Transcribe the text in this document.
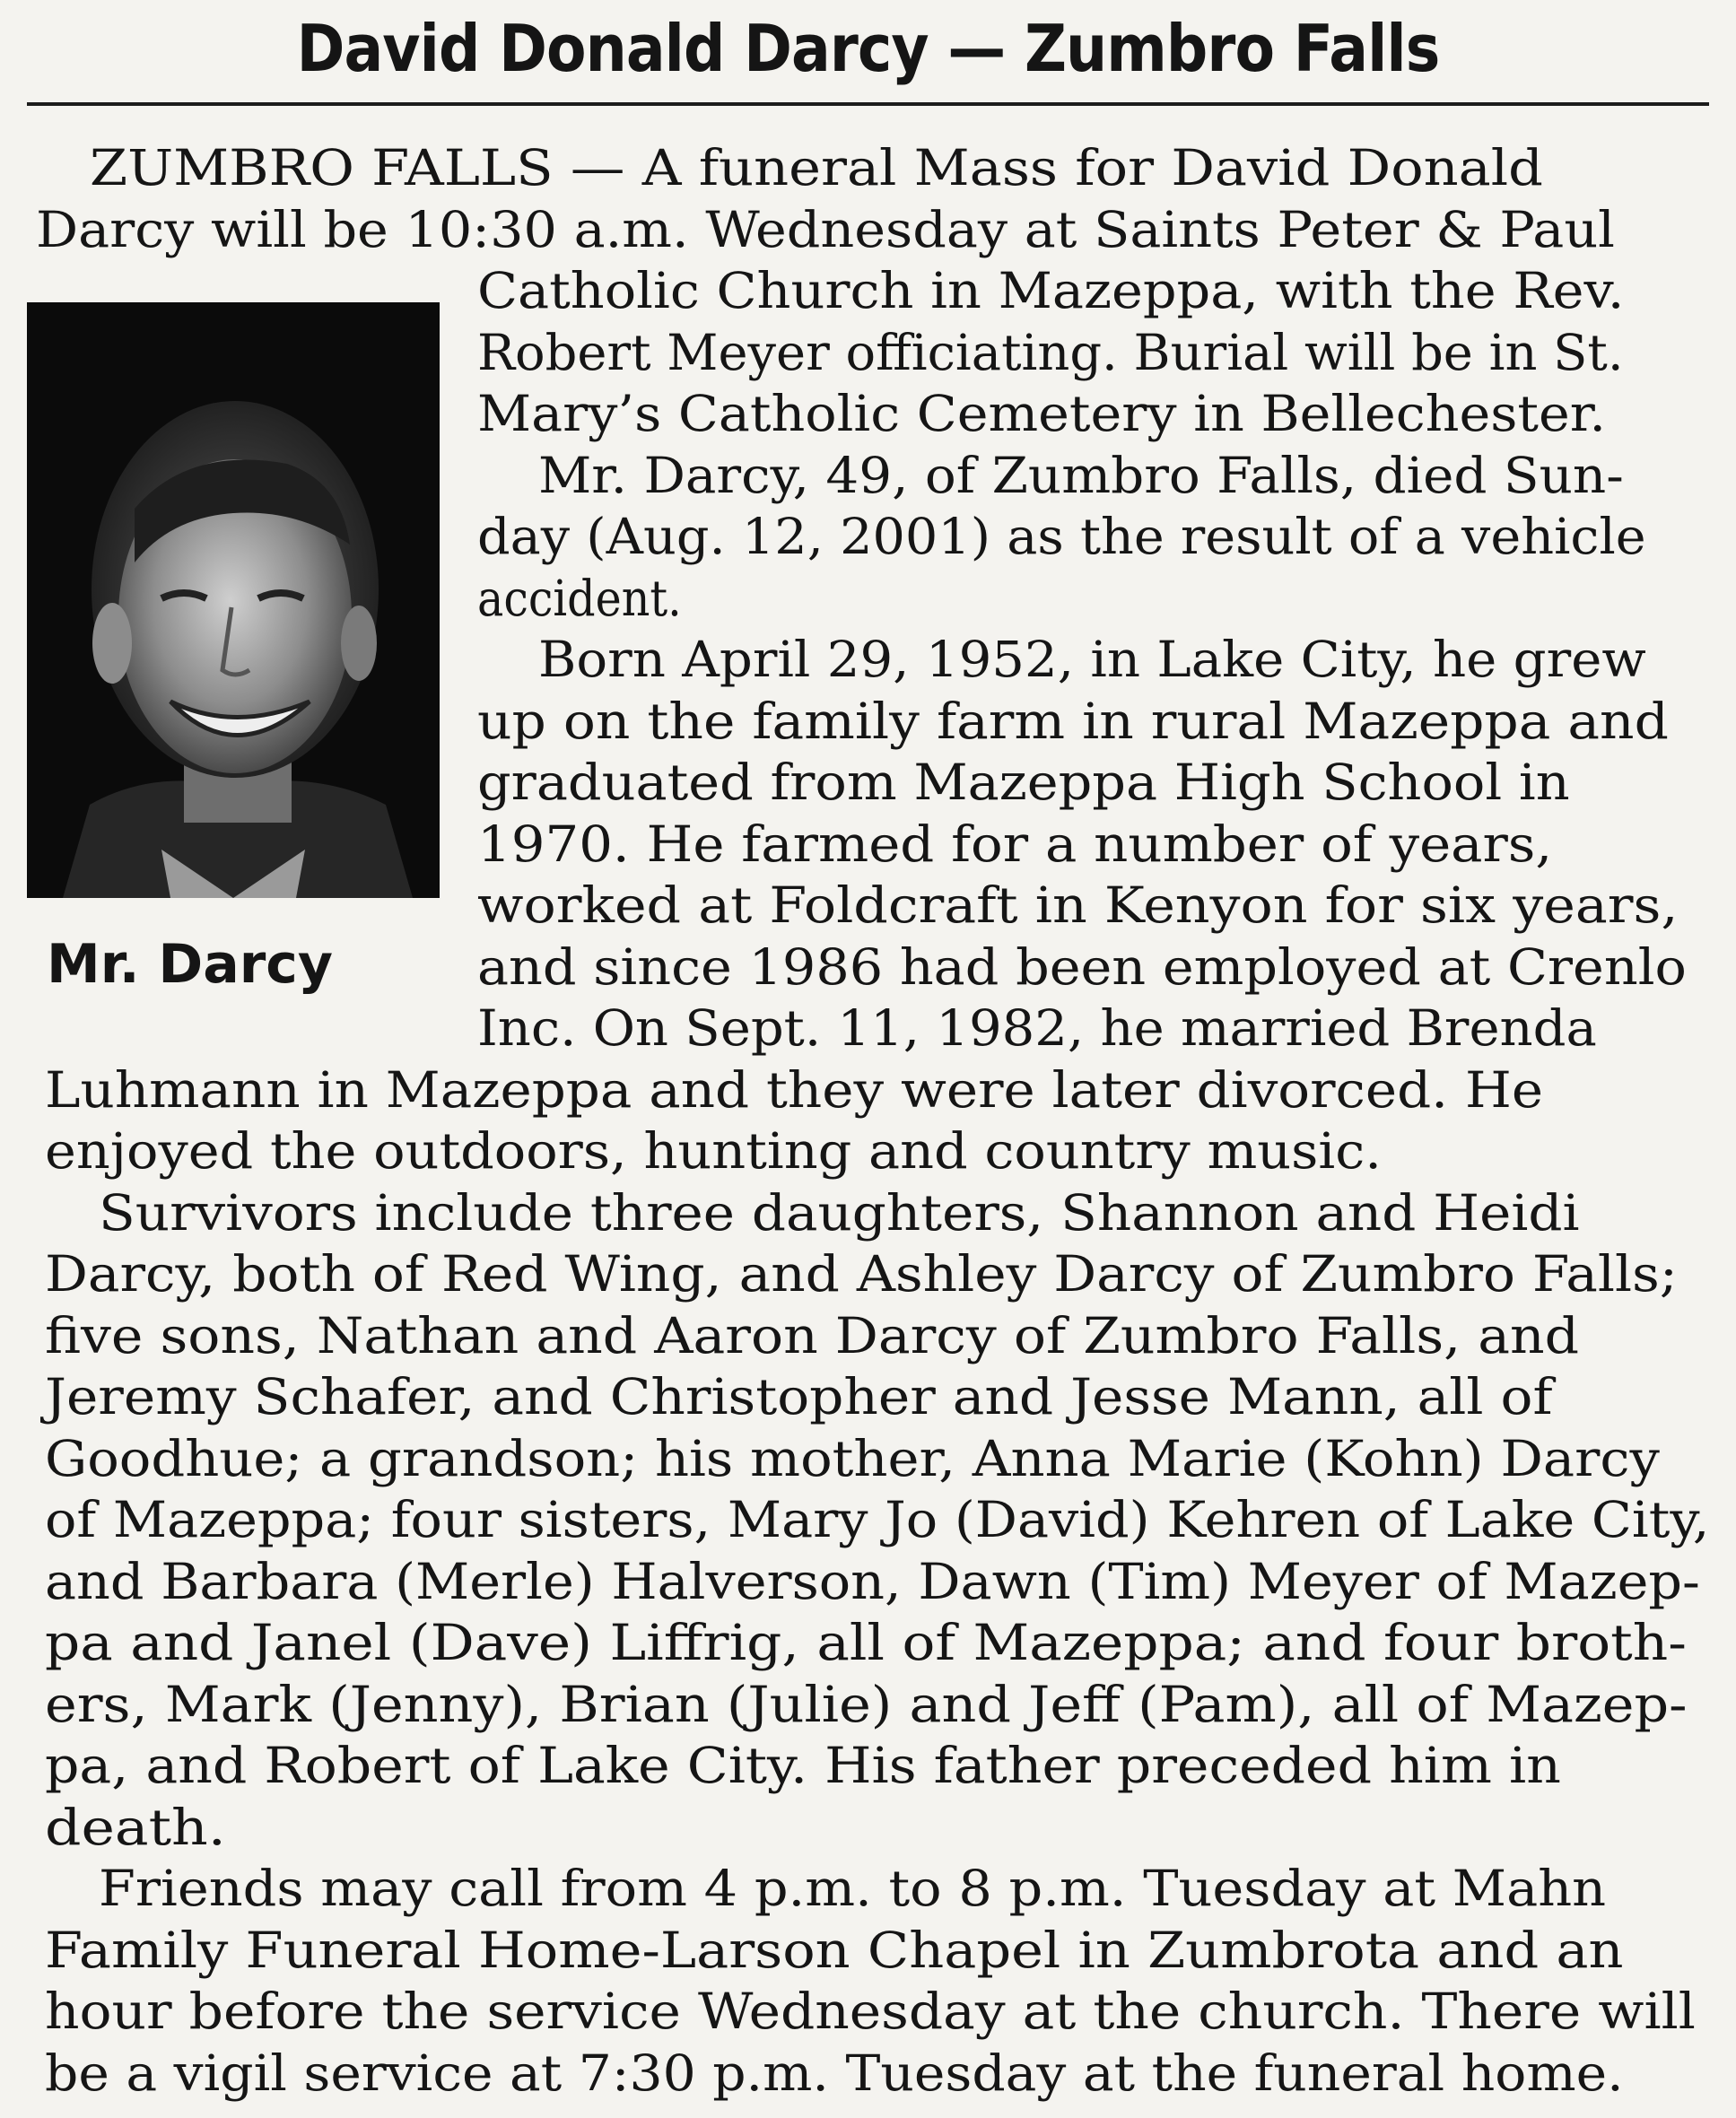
David Donald Darcy — Zumbro Falls
Mr. Darcy
ZUMBRO FALLS — A funeral Mass for David Donald
Darcy will be 10:30 a.m. Wednesday at Saints Peter & Paul
Catholic Church in Mazeppa, with the Rev.
Robert Meyer officiating. Burial will be in St.
Mary’s Catholic Cemetery in Bellechester.
Mr. Darcy, 49, of Zumbro Falls, died Sun-
day (Aug. 12, 2001) as the result of a vehicle
accident.
Born April 29, 1952, in Lake City, he grew
up on the family farm in rural Mazeppa and
graduated from Mazeppa High School in
1970. He farmed for a number of years,
worked at Foldcraft in Kenyon for six years,
and since 1986 had been employed at Crenlo
Inc. On Sept. 11, 1982, he married Brenda
Luhmann in Mazeppa and they were later divorced. He
enjoyed the outdoors, hunting and country music.
Survivors include three daughters, Shannon and Heidi
Darcy, both of Red Wing, and Ashley Darcy of Zumbro Falls;
five sons, Nathan and Aaron Darcy of Zumbro Falls, and
Jeremy Schafer, and Christopher and Jesse Mann, all of
Goodhue; a grandson; his mother, Anna Marie (Kohn) Darcy
of Mazeppa; four sisters, Mary Jo (David) Kehren of Lake City,
and Barbara (Merle) Halverson, Dawn (Tim) Meyer of Mazep-
pa and Janel (Dave) Liffrig, all of Mazeppa; and four broth-
ers, Mark (Jenny), Brian (Julie) and Jeff (Pam), all of Mazep-
pa, and Robert of Lake City. His father preceded him in
death.
Friends may call from 4 p.m. to 8 p.m. Tuesday at Mahn
Family Funeral Home-Larson Chapel in Zumbrota and an
hour before the service Wednesday at the church. There will
be a vigil service at 7:30 p.m. Tuesday at the funeral home.
